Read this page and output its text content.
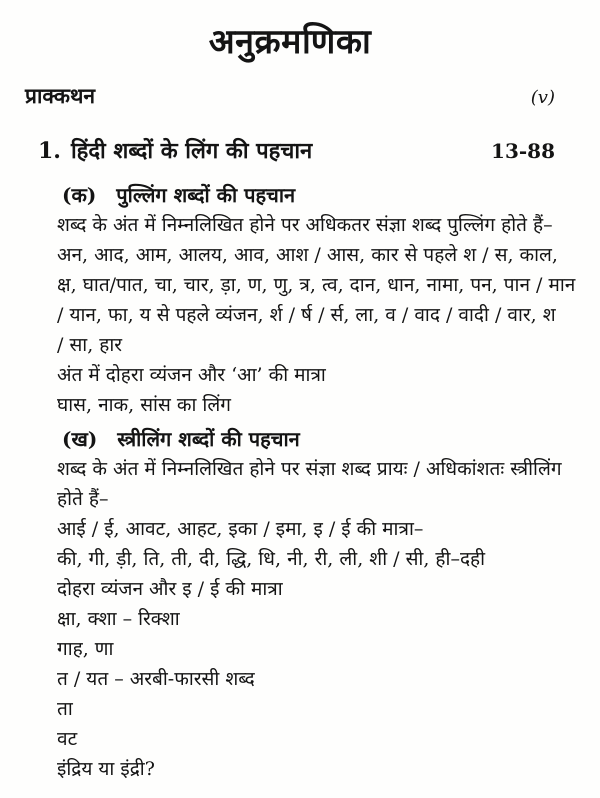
अनुक्रमणिका
प्राक्कथन	(v)
1. हिंदी शब्दों के लिंग की पहचान	13-88
(क) पुल्लिंग शब्दों की पहचान
शब्द के अंत में निम्नलिखित होने पर अधिकतर संज्ञा शब्द पुल्लिंग होते हैं–
अन, आद, आम, आलय, आव, आश / आस, कार से पहले श / स, काल,
क्ष, घात/पात, चा, चार, ड़ा, ण, णु, त्र, त्व, दान, धान, नामा, पन, पान / मान
/ यान, फा, य से पहले व्यंजन, र्श / र्ष / र्स, ला, व / वाद / वादी / वार, श
/ सा, हार
अंत में दोहरा व्यंजन और ‘आ’ की मात्रा
घास, नाक, सांस का लिंग
(ख) स्त्रीलिंग शब्दों की पहचान
शब्द के अंत में निम्नलिखित होने पर संज्ञा शब्द प्रायः / अधिकांशतः स्त्रीलिंग
होते हैं–
आई / ई, आवट, आहट, इका / इमा, इ / ई की मात्रा–
की, गी, ड़ी, ति, ती, दी, द्धि, धि, नी, री, ली, शी / सी, ही–दही
दोहरा व्यंजन और इ / ई की मात्रा
क्षा, क्शा – रिक्शा
गाह, णा
त / यत – अरबी-फारसी शब्द
ता
वट
इंद्रिय या इंद्री?
